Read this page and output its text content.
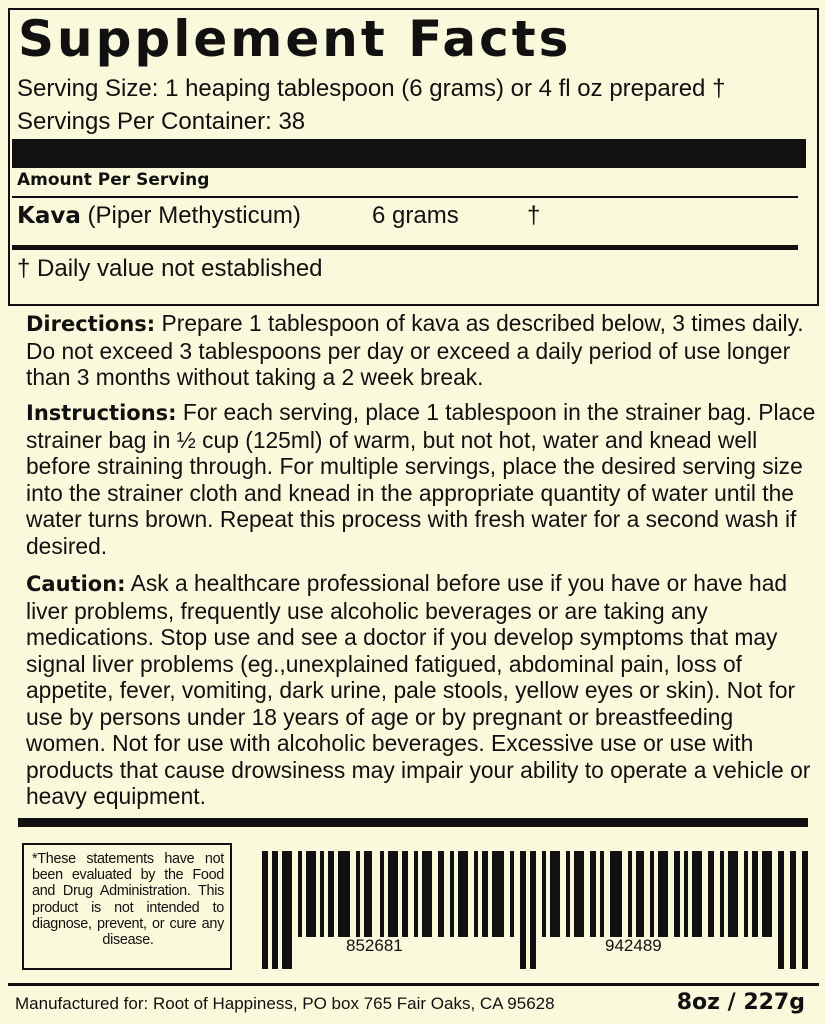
Supplement Facts
Serving Size: 1 heaping tablespoon (6 grams) or 4 fl oz prepared †
Servings Per Container: 38
Amount Per Serving
Kava (Piper Methysticum)	6 grams	†
† Daily value not established

Directions: Prepare 1 tablespoon of kava as described below, 3 times daily. Do not exceed 3 tablespoons per day or exceed a daily period of use longer than 3 months without taking a 2 week break.

Instructions: For each serving, place 1 tablespoon in the strainer bag. Place strainer bag in ½ cup (125ml) of warm, but not hot, water and knead well before straining through. For multiple servings, place the desired serving size into the strainer cloth and knead in the appropriate quantity of water until the water turns brown. Repeat this process with fresh water for a second wash if desired.

Caution: Ask a healthcare professional before use if you have or have had liver problems, frequently use alcoholic beverages or are taking any medications. Stop use and see a doctor if you develop symptoms that may signal liver problems (eg.,unexplained fatigued, abdominal pain, loss of appetite, fever, vomiting, dark urine, pale stools, yellow eyes or skin). Not for use by persons under 18 years of age or by pregnant or breastfeeding women. Not for use with alcoholic beverages. Excessive use or use with products that cause drowsiness may impair your ability to operate a vehicle or heavy equipment.

*These statements have not been evaluated by the Food and Drug Administration. This product is not intended to diagnose, prevent, or cure any disease.	852681	942489
Manufactured for: Root of Happiness, PO box 765 Fair Oaks, CA 95628	8oz / 227g
